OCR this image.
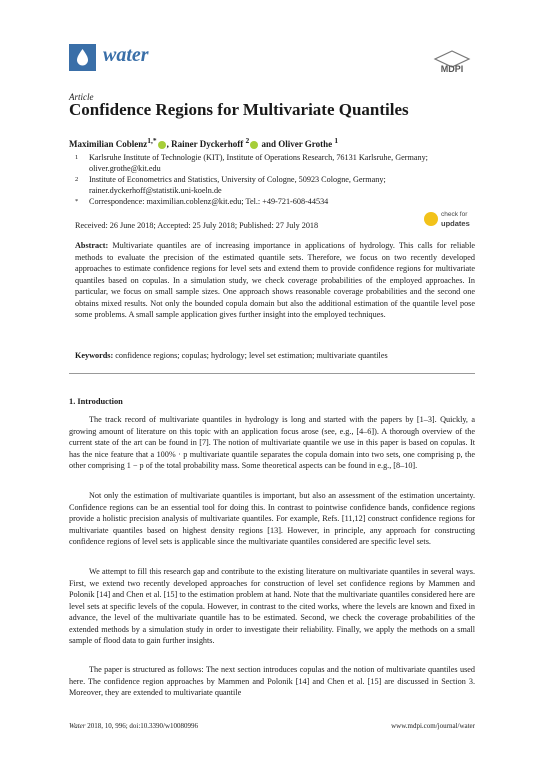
water
MDPI
Article
Confidence Regions for Multivariate Quantiles
Maximilian Coblenz$^{1,*}$ , Rainer Dyckerhoff $^2$ and Oliver Grothe $^1$
1 Karlsruhe Institute of Technologie (KIT), Institute of Operations Research, 76131 Karlsruhe, Germany;
oliver.grothe@kit.edu
2 Institute of Econometrics and Statistics, University of Cologne, 50923 Cologne, Germany;
rainer.dyckerhoff@statistik.uni-koeln.de
* Correspondence: maximilian.coblenz@kit.edu; Tel.: +49-721-608-44534
Received: 26 June 2018; Accepted: 25 July 2018; Published: 27 July 2018
check for
updates
Abstract: Multivariate quantiles are of increasing importance in applications of hydrology. This calls for reliable methods to evaluate the precision of the estimated quantile sets. Therefore, we focus on two recently developed approaches to estimate confidence regions for level sets and extend them to provide confidence regions for multivariate quantiles based on copulas. In a simulation study, we check coverage probabilities of the employed approaches. In particular, we focus on small sample sizes. One approach shows reasonable coverage probabilities and the second one obtains mixed results. Not only the bounded copula domain but also the additional estimation of the quantile level pose some problems. A small sample application gives further insight into the employed techniques.
Keywords: confidence regions; copulas; hydrology; level set estimation; multivariate quantiles
1. Introduction
The track record of multivariate quantiles in hydrology is long and started with the papers by [1–3]. Quickly, a growing amount of literature on this topic with an application focus arose (see, e.g., [4–6]). A thorough overview of the current state of the art can be found in [7]. The notion of multivariate quantile we use in this paper is based on copulas. It has the nice feature that a 100% · p multivariate quantile separates the copula domain into two sets, one comprising p, the other comprising 1 − p of the total probability mass. Some theoretical aspects can be found in e.g., [8–10].
Not only the estimation of multivariate quantiles is important, but also an assessment of the estimation uncertainty. Confidence regions can be an essential tool for doing this. In contrast to pointwise confidence bands, confidence regions provide a holistic precision analysis of multivariate quantiles. For example, Refs. [11,12] construct confidence regions for multivariate quantiles based on highest density regions [13]. However, in principle, any approach for constructing confidence regions of level sets is applicable since the multivariate quantiles considered are specific level sets.
We attempt to fill this research gap and contribute to the existing literature on multivariate quantiles in several ways. First, we extend two recently developed approaches for construction of level set confidence regions by Mammen and Polonik [14] and Chen et al. [15] to the estimation problem at hand. Note that the multivariate quantiles considered here are level sets at specific levels of the copula. However, in contrast to the cited works, where the levels are known and fixed in advance, the level of the multivariate quantile has to be estimated. Second, we check the coverage probabilities of the extended methods by a simulation study in order to investigate their reliability. Finally, we apply the methods on a small sample of flood data to gain further insights.
The paper is structured as follows: The next section introduces copulas and the notion of multivariate quantiles used here. The confidence region approaches by Mammen and Polonik [14] and Chen et al. [15] are discussed in Section 3. Moreover, they are extended to multivariate quantile
Water 2018, 10, 996; doi:10.3390/w10080996	www.mdpi.com/journal/water
